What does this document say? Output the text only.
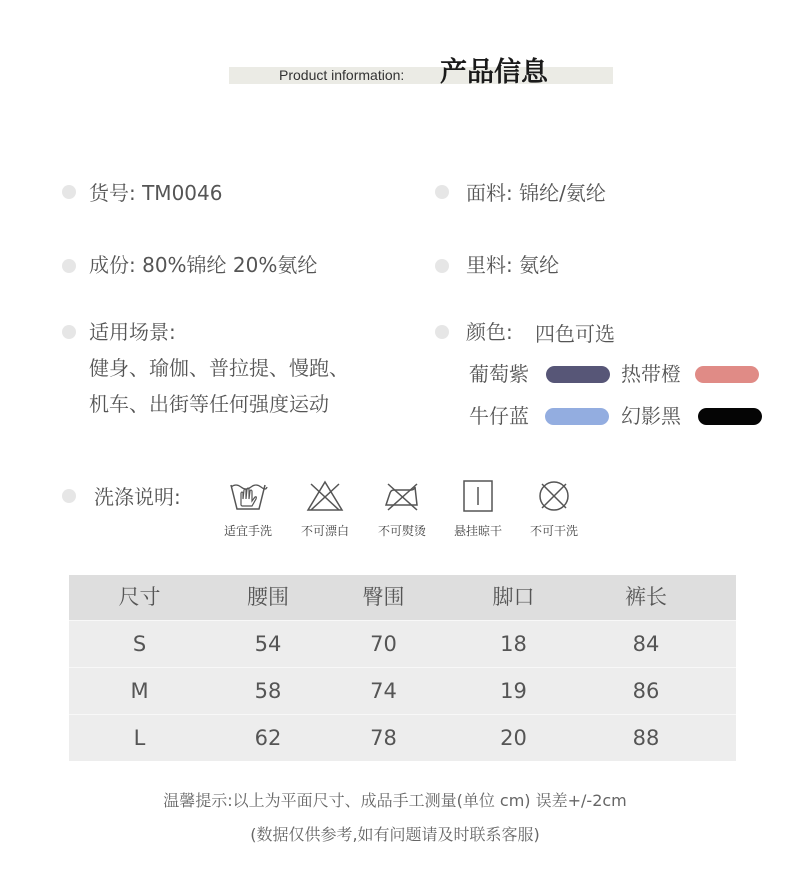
Product information: 产品信息
货号: TM0046
成份: 80%锦纶 20%氨纶
适用场景:
健身、瑜伽、普拉提、慢跑、
机车、出街等任何强度运动
面料: 锦纶/氨纶
里料: 氨纶
颜色: 四色可选
葡萄紫	热带橙
牛仔蓝	幻影黑
洗涤说明:
适宜手洗	不可漂白	不可熨烫	悬挂晾干	不可干洗
尺寸	腰围	臀围	脚口	裤长
S	54	70	18	84
M	58	74	19	86
L	62	78	20	88
温馨提示:以上为平面尺寸、成品手工测量(单位 cm) 误差+/-2cm
(数据仅供参考,如有问题请及时联系客服)
